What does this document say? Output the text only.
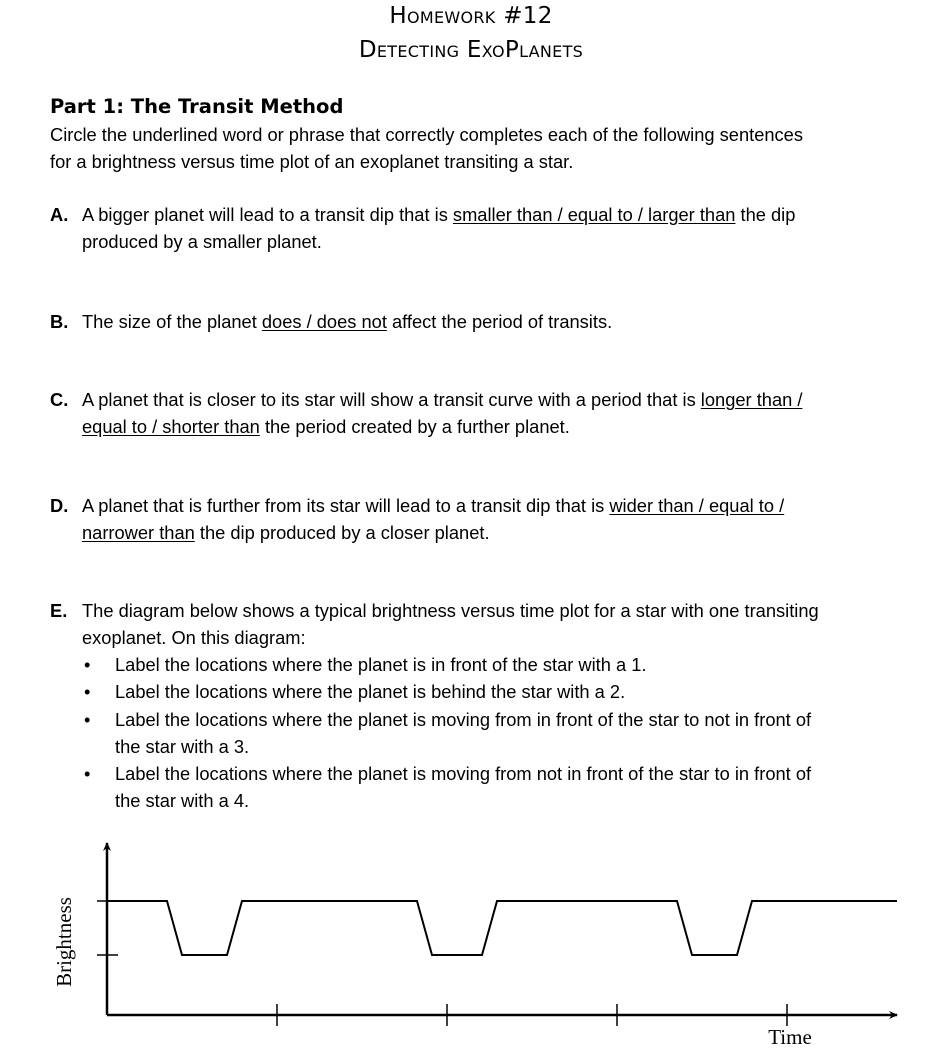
Homework #12
Detecting ExoPlanets
Part 1: The Transit Method
Circle the underlined word or phrase that correctly completes each of the following sentences
for a brightness versus time plot of an exoplanet transiting a star.
A. A bigger planet will lead to a transit dip that is smaller than / equal to / larger than the dip
produced by a smaller planet.
B. The size of the planet does / does not affect the period of transits.
C. A planet that is closer to its star will show a transit curve with a period that is longer than /
equal to / shorter than the period created by a further planet.
D. A planet that is further from its star will lead to a transit dip that is wider than / equal to /
narrower than the dip produced by a closer planet.
E. The diagram below shows a typical brightness versus time plot for a star with one transiting
exoplanet. On this diagram:
• Label the locations where the planet is in front of the star with a 1.
• Label the locations where the planet is behind the star with a 2.
• Label the locations where the planet is moving from in front of the star to not in front of
the star with a 3.
• Label the locations where the planet is moving from not in front of the star to in front of
the star with a 4.
Time
Brightness
